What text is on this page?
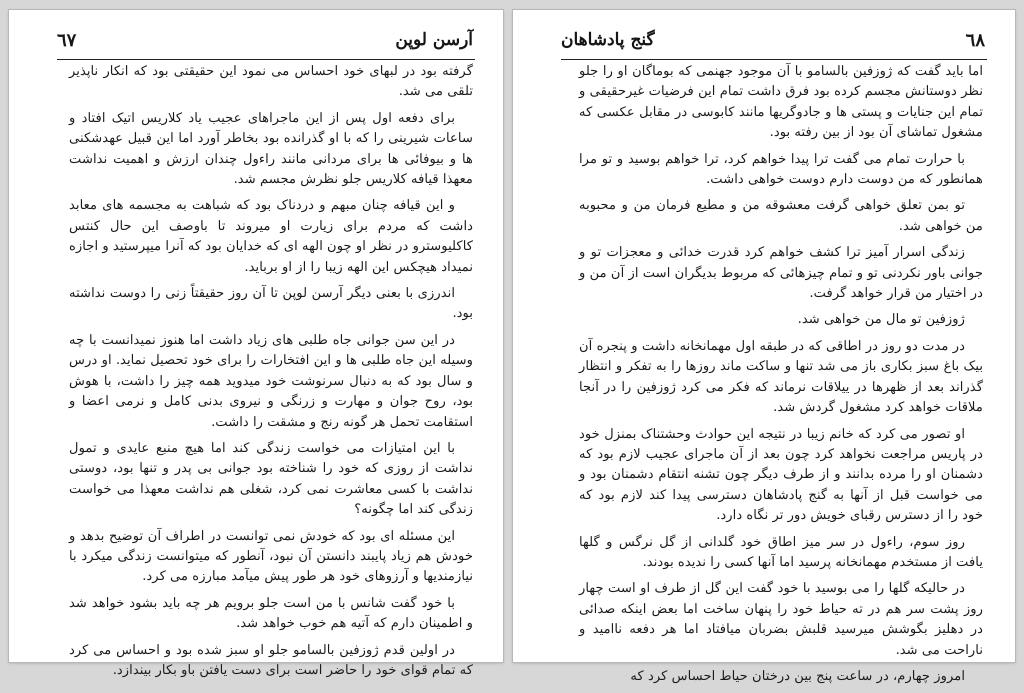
٦٧	آرسن لوپن

گرفته بود در لبهای خود احساس می نمود این حقیقتی بود که انکار ناپذیر تلقی می شد.

برای دفعه اول پس از این ماجراهای عجیب یاد کلاریس اتیک افتاد و ساعات شیرینی را که با او گذرانده بود بخاطر آورد اما این قبیل عهدشکنی ها و بیوفائی ها برای مردانی مانند راءول چندان ارزش و اهمیت نداشت معهذا قیافه کلاریس جلو نظرش مجسم شد.

و این قیافه چنان مبهم و دردناک بود که شباهت به مجسمه های معابد داشت که مردم برای زیارت او میروند تا باوصف این حال کنتس کاکلیوسترو در نظر او چون الهه ای که خدایان بود که آنرا میپرستید و اجازه نمیداد هیچکس این الهه زیبا را از او برباید.

اندرزی با بعنی دیگر آرسن لوپن تا آن روز حقیقتاً زنی را دوست نداشته بود.

در این سن جوانی جاه طلبی های زیاد داشت اما هنوز نمیدانست با چه وسیله این جاه طلبی ها و این افتخارات را برای خود تحصیل نماید. او درس و سال بود که به دنبال سرنوشت خود میدوید همه چیز را داشت، با هوش بود، روح جوان و مهارت و زرنگی و نیروی بدنی کامل و نرمی اعضا و استقامت تحمل هر گونه رنج و مشقت را داشت.

با این امتیازات می خواست زندگی کند اما هیچ منبع عایدی و تمول نداشت از روزی که خود را شناخته بود جوانی بی پدر و تنها بود، دوستی نداشت با کسی معاشرت نمی کرد، شغلی هم نداشت معهذا می خواست زندگی کند اما چگونه؟

این مسئله ای بود که خودش نمی توانست در اطراف آن توضیح بدهد و خودش هم زیاد پایبند دانستن آن نبود، آنطور که میتوانست زندگی میکرد با نیازمندیها و آرزوهای خود هر طور پیش میآمد مبارزه می کرد.

با خود گفت شانس با من است جلو برویم هر چه باید بشود خواهد شد و اطمینان دارم که آتیه هم خوب خواهد شد.

در اولین قدم ژوزفین بالسامو جلو او سبز شده بود و احساس می کرد که تمام قوای خود را حاضر است برای دست یافتن باو بکار بیندازد.

گنج پادشاهان	٦٨

اما باید گفت که ژوزفین بالسامو با آن موجود جهنمی که بوماگان او را جلو نظر دوستانش مجسم کرده بود فرق داشت تمام این فرضیات غیرحقیقی و تمام این جنایات و پستی ها و جادوگریها مانند کابوسی در مقابل عکسی که مشغول تماشای آن بود از بین رفته بود.

با حرارت تمام می گفت ترا پیدا خواهم کرد، ترا خواهم بوسید و تو مرا همانطور که من دوست دارم دوست خواهی داشت.

تو بمن تعلق خواهی گرفت معشوقه من و مطیع فرمان من و محبوبه من خواهی شد.

زندگی اسرار آمیز ترا کشف خواهم کرد قدرت خدائی و معجزات تو و جوانی باور نکردنی تو و تمام چیزهائی که مربوط بدیگران است از آن من و در اختیار من قرار خواهد گرفت.

ژوزفین تو مال من خواهی شد.

در مدت دو روز در اطاقی که در طبقه اول مهمانخانه داشت و پنجره آن بیک باغ سبز بکاری باز می شد تنها و ساکت ماند روزها را به تفکر و انتظار گذراند بعد از ظهرها در ییلاقات نرماند که فکر می کرد ژوزفین را در آنجا ملاقات خواهد کرد مشغول گردش شد.

او تصور می کرد که خانم زیبا در نتیجه این حوادث وحشتناک بمنزل خود در پاریس مراجعت نخواهد کرد چون بعد از آن ماجرای عجیب لازم بود که دشمنان او را مرده بدانند و از طرف دیگر چون تشنه انتقام دشمنان بود و می خواست قبل از آنها به گنج پادشاهان دسترسی پیدا کند لازم بود که خود را از دسترس رقبای خویش دور تر نگاه دارد.

روز سوم، راءول در سر میز اطاق خود گلدانی از گل نرگس و گلها یافت از مستخدم مهمانخانه پرسید اما آنها کسی را ندیده بودند.

در حالیکه گلها را می بوسید با خود گفت این گل از طرف او است چهار روز پشت سر هم در ته حیاط خود را پنهان ساخت اما بعض اینکه صدائی در دهلیز بگوشش میرسید قلبش بضربان میافتاد اما هر دفعه ناامید و ناراحت می شد.

امروز چهارم، در ساعت پنج بین درختان حیاط احساس کرد که
